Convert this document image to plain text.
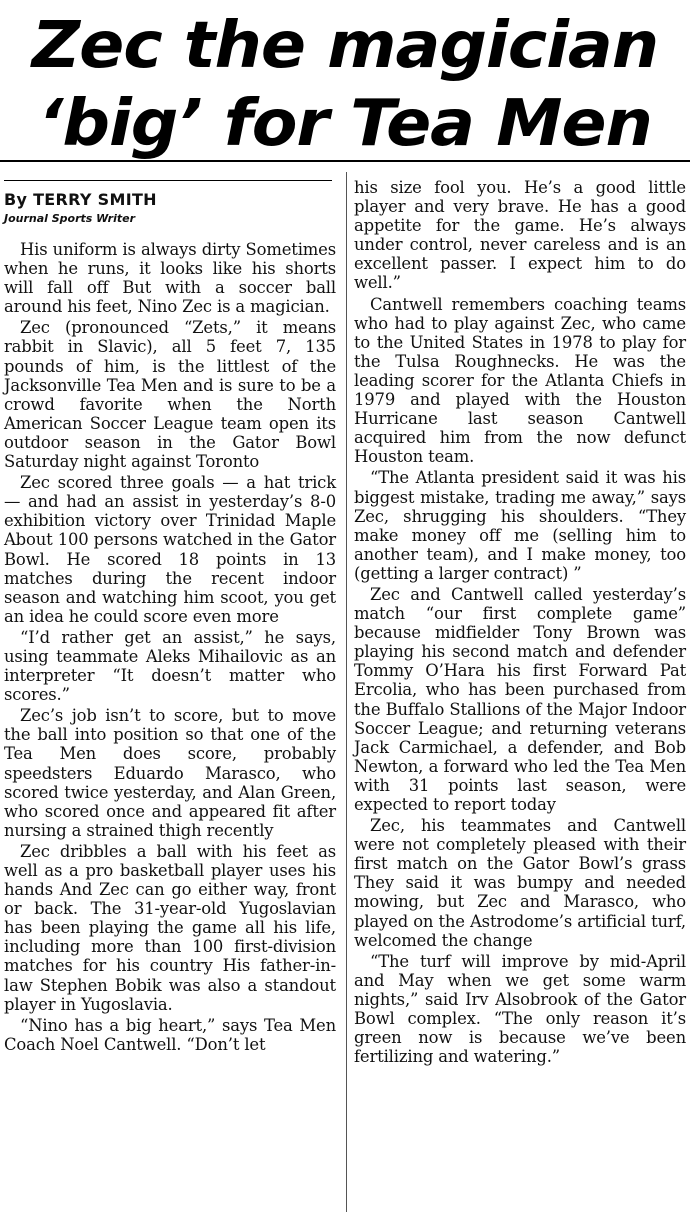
Zec the magician
‘big’ for Tea Men
By TERRY SMITH
Journal Sports Writer

His uniform is always dirty Sometimes when he runs, it looks like his shorts will fall off But with a soccer ball around his feet, Nino Zec is a magician.

Zec (pronounced “Zets,” it means rabbit in Slavic), all 5 feet 7, 135 pounds of him, is the littlest of the Jacksonville Tea Men and is sure to be a crowd favorite when the North American Soccer League team open its outdoor season in the Gator Bowl Saturday night against Toronto

Zec scored three goals — a hat trick — and had an assist in yesterday’s 8-0 exhibition victory over Trinidad Maple About 100 persons watched in the Gator Bowl. He scored 18 points in 13 matches during the recent indoor season and watching him scoot, you get an idea he could score even more

“I’d rather get an assist,” he says, using teammate Aleks Mihailovic as an interpreter “It doesn’t matter who scores.”

Zec’s job isn’t to score, but to move the ball into position so that one of the Tea Men does score, probably speedsters Eduardo Marasco, who scored twice yesterday, and Alan Green, who scored once and appeared fit after nursing a strained thigh recently

Zec dribbles a ball with his feet as well as a pro basketball player uses his hands And Zec can go either way, front or back. The 31-year-old Yugoslavian has been playing the game all his life, including more than 100 first-division matches for his country His father-in-law Stephen Bobik was also a standout player in Yugoslavia.

“Nino has a big heart,” says Tea Men Coach Noel Cantwell. “Don’t let

his size fool you. He’s a good little player and very brave. He has a good appetite for the game. He’s always under control, never careless and is an excellent passer. I expect him to do well.”

Cantwell remembers coaching teams who had to play against Zec, who came to the United States in 1978 to play for the Tulsa Roughnecks. He was the leading scorer for the Atlanta Chiefs in 1979 and played with the Houston Hurricane last season Cantwell acquired him from the now defunct Houston team.

“The Atlanta president said it was his biggest mistake, trading me away,” says Zec, shrugging his shoulders. “They make money off me (selling him to another team), and I make money, too (getting a larger contract) ”

Zec and Cantwell called yesterday’s match “our first complete game” because midfielder Tony Brown was playing his second match and defender Tommy O’Hara his first Forward Pat Ercolia, who has been purchased from the Buffalo Stallions of the Major Indoor Soccer League; and returning veterans Jack Carmichael, a defender, and Bob Newton, a forward who led the Tea Men with 31 points last season, were expected to report today

Zec, his teammates and Cantwell were not completely pleased with their first match on the Gator Bowl’s grass They said it was bumpy and needed mowing, but Zec and Marasco, who played on the Astrodome’s artificial turf, welcomed the change

“The turf will improve by mid-April and May when we get some warm nights,” said Irv Alsobrook of the Gator Bowl complex. “The only reason it’s green now is because we’ve been fertilizing and watering.”
